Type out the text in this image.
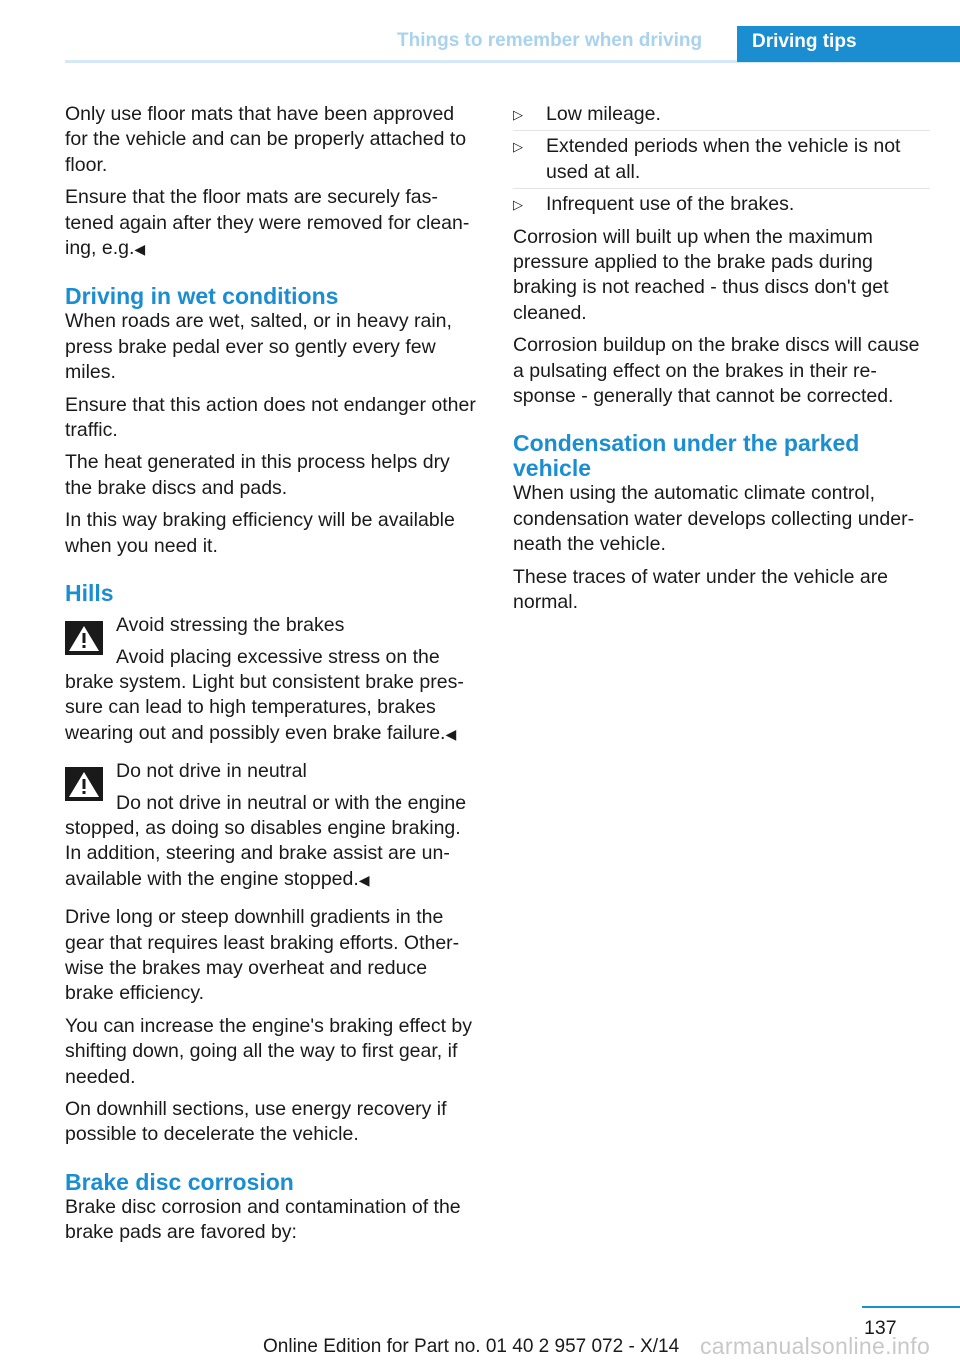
Things to remember when driving	Driving tips

Only use floor mats that have been approved for the vehicle and can be properly attached to floor.

Ensure that the floor mats are securely fas‐tened again after they were removed for clean‐ing, e.g.◀

Driving in wet conditions

When roads are wet, salted, or in heavy rain, press brake pedal ever so gently every few miles.

Ensure that this action does not endanger other traffic.

The heat generated in this process helps dry the brake discs and pads.

In this way braking efficiency will be available when you need it.

Hills

Avoid stressing the brakes

Avoid placing excessive stress on the brake system. Light but consistent brake pres‐sure can lead to high temperatures, brakes wearing out and possibly even brake failure.◀

Do not drive in neutral

Do not drive in neutral or with the engine stopped, as doing so disables engine braking. In addition, steering and brake assist are un‐available with the engine stopped.◀

Drive long or steep downhill gradients in the gear that requires least braking efforts. Other‐wise the brakes may overheat and reduce brake efficiency.

You can increase the engine's braking effect by shifting down, going all the way to first gear, if needed.

On downhill sections, use energy recovery if possible to decelerate the vehicle.

Brake disc corrosion

Brake disc corrosion and contamination of the brake pads are favored by:

▷ Low mileage.
▷ Extended periods when the vehicle is not used at all.
▷ Infrequent use of the brakes.

Corrosion will built up when the maximum pressure applied to the brake pads during braking is not reached - thus discs don't get cleaned.

Corrosion buildup on the brake discs will cause a pulsating effect on the brakes in their re‐sponse - generally that cannot be corrected.

Condensation under the parked vehicle

When using the automatic climate control, condensation water develops collecting under‐neath the vehicle.

These traces of water under the vehicle are normal.

137
Online Edition for Part no. 01 40 2 957 072 - X/14 carmanualsonline.info
